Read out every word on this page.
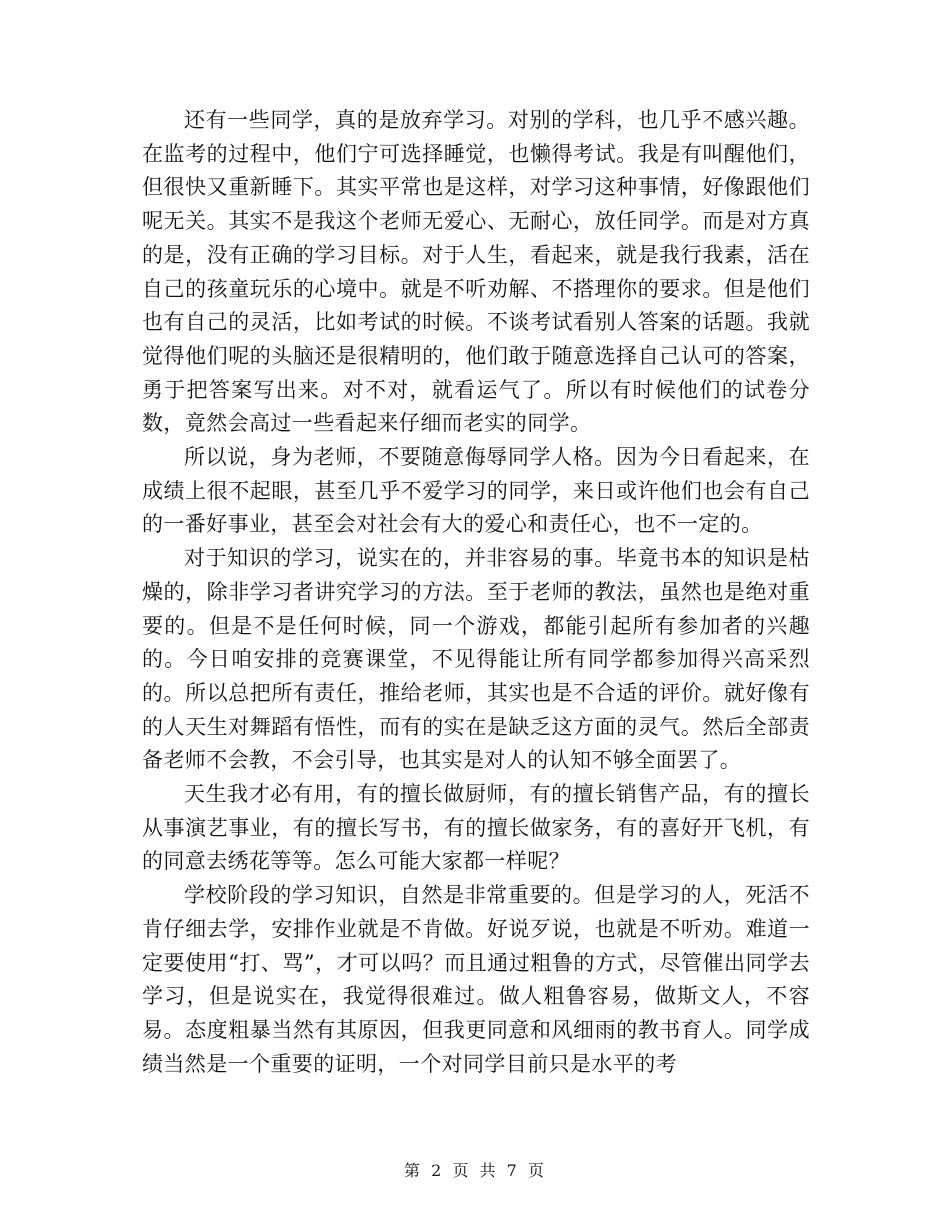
还有一些同学，真的是放弃学习。对别的学科，也几乎不感兴趣。在监考的过程中，他们宁可选择睡觉，也懒得考试。我是有叫醒他们，但很快又重新睡下。其实平常也是这样，对学习这种事情，好像跟他们呢无关。其实不是我这个老师无爱心、无耐心，放任同学。而是对方真的是，没有正确的学习目标。对于人生，看起来，就是我行我素，活在自己的孩童玩乐的心境中。就是不听劝解、不搭理你的要求。但是他们也有自己的灵活，比如考试的时候。不谈考试看别人答案的话题。我就觉得他们呢的头脑还是很精明的，他们敢于随意选择自己认可的答案，勇于把答案写出来。对不对，就看运气了。所以有时候他们的试卷分数，竟然会高过一些看起来仔细而老实的同学。

所以说，身为老师，不要随意侮辱同学人格。因为今日看起来，在成绩上很不起眼，甚至几乎不爱学习的同学，来日或许他们也会有自己的一番好事业，甚至会对社会有大的爱心和责任心，也不一定的。

对于知识的学习，说实在的，并非容易的事。毕竟书本的知识是枯燥的，除非学习者讲究学习的方法。至于老师的教法，虽然也是绝对重要的。但是不是任何时候，同一个游戏，都能引起所有参加者的兴趣的。今日咱安排的竞赛课堂，不见得能让所有同学都参加得兴高采烈的。所以总把所有责任，推给老师，其实也是不合适的评价。就好像有的人天生对舞蹈有悟性，而有的实在是缺乏这方面的灵气。然后全部责备老师不会教，不会引导，也其实是对人的认知不够全面罢了。

天生我才必有用，有的擅长做厨师，有的擅长销售产品，有的擅长从事演艺事业，有的擅长写书，有的擅长做家务，有的喜好开飞机，有的同意去绣花等等。怎么可能大家都一样呢？

学校阶段的学习知识，自然是非常重要的。但是学习的人，死活不肯仔细去学，安排作业就是不肯做。好说歹说，也就是不听劝。难道一定要使用“打、骂”，才可以吗？而且通过粗鲁的方式，尽管催出同学去学习，但是说实在，我觉得很难过。做人粗鲁容易，做斯文人，不容易。态度粗暴当然有其原因，但我更同意和风细雨的教书育人。同学成绩当然是一个重要的证明，一个对同学目前只是水平的考

第 2 页 共 7 页
